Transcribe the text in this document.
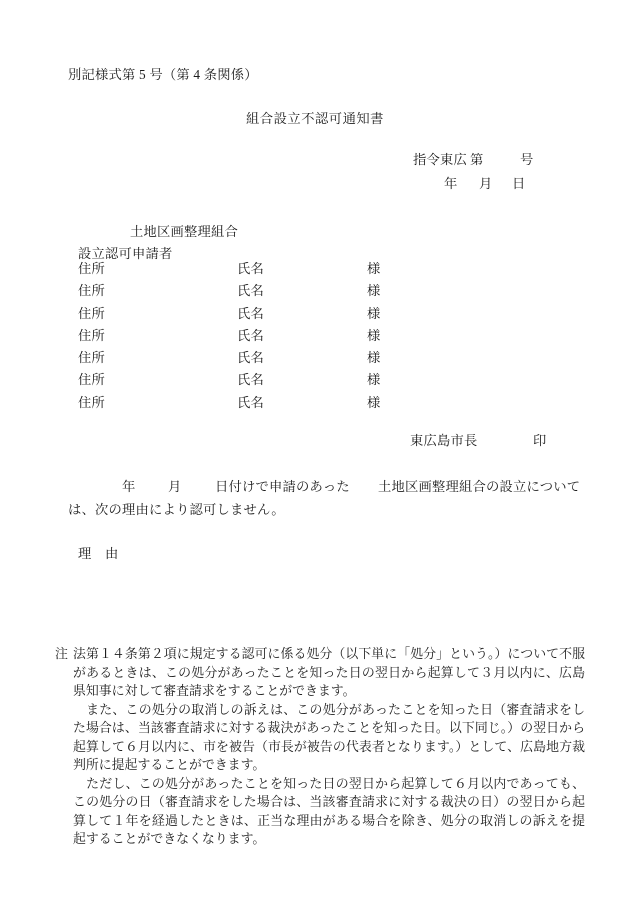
別記様式第 5 号（第 4 条関係）
組合設立不認可通知書
指令東広 第	号
年 月 日
土地区画整理組合
設立認可申請者
住所	氏名	様
住所	氏名	様
住所	氏名	様
住所	氏名	様
住所	氏名	様
住所	氏名	様
住所	氏名	様
東広島市長	印
年 月	日付けで申請のあった 土地区画整理組合の設立について
は、次の理由により認可しません。
理　由
注 法第１４条第２項に規定する認可に係る処分（以下単に「処分」という。）について不服があるときは、この処分があったことを知った日の翌日から起算して３月以内に、広島県知事に対して審査請求をすることができます。

　また、この処分の取消しの訴えは、この処分があったことを知った日（審査請求をした場合は、当該審査請求に対する裁決があったことを知った日。以下同じ。）の翌日から起算して６月以内に、市を被告（市長が被告の代表者となります。）として、広島地方裁判所に提起することができます。

　ただし、この処分があったことを知った日の翌日から起算して６月以内であっても、この処分の日（審査請求をした場合は、当該審査請求に対する裁決の日）の翌日から起算して１年を経過したときは、正当な理由がある場合を除き、処分の取消しの訴えを提起することができなくなります。
